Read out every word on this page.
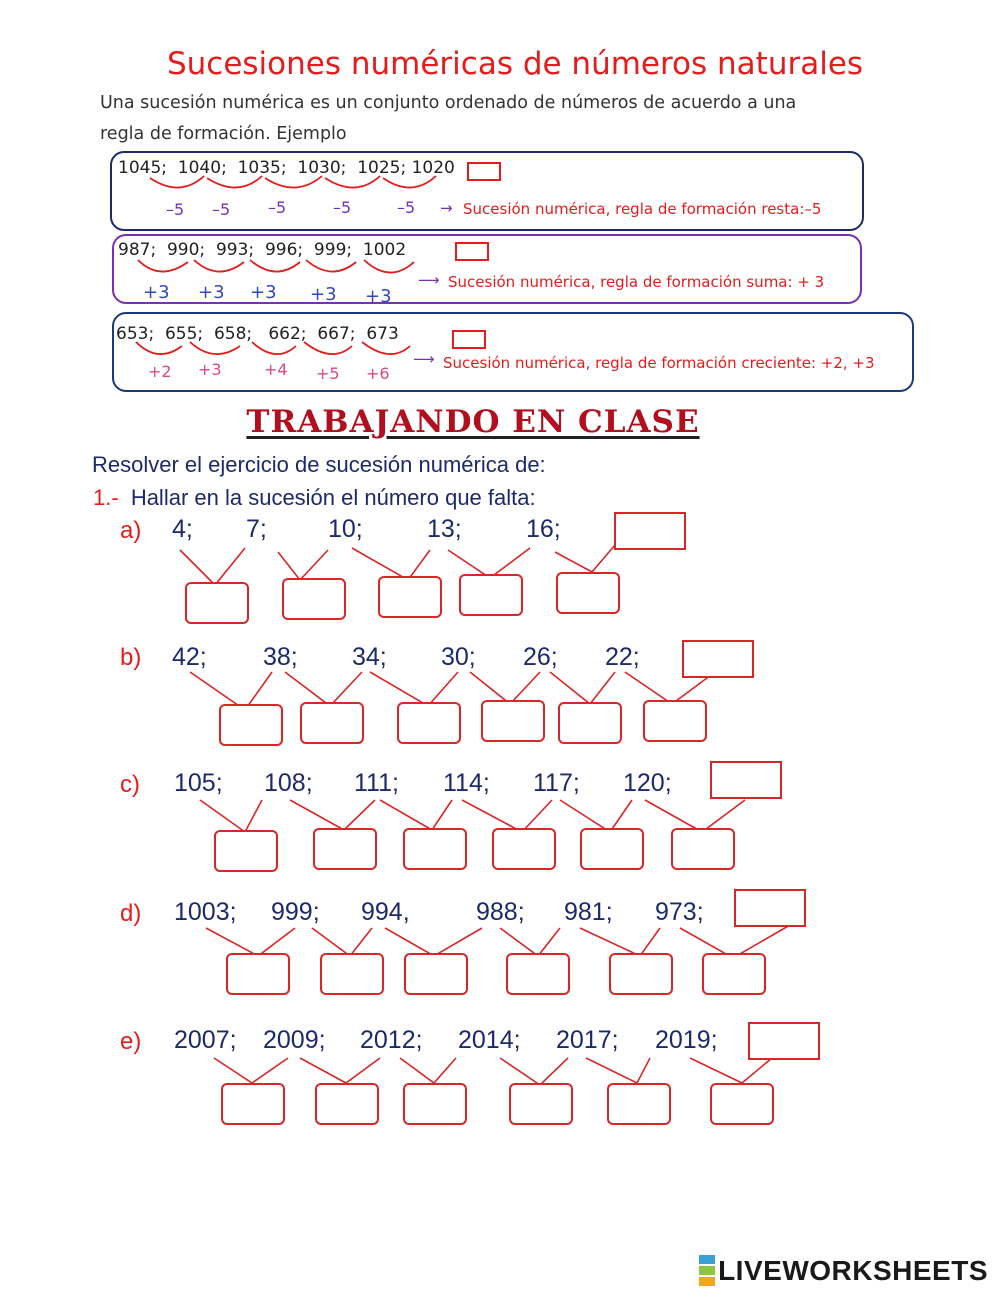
Sucesiones numéricas de números naturales
Una sucesión numérica es un conjunto ordenado de números de acuerdo a una regla de formación. Ejemplo
1045;  1040;  1035;  1030;  1025; 1020
–5 –5 –5	–5	–5 → Sucesión numérica, regla de formación resta:–5
987;  990;  993;  996;  999;  1002
+3 +3 +3 +3 +3
⟶ Sucesión numérica, regla de formación suma: + 3
653;  655;  658;   662;  667;  673
+2 +3	+4 +5 +6
⟶ Sucesión numérica, regla de formación creciente: +2, +3
TRABAJANDO EN CLASE
Resolver el ejercicio de sucesión numérica de:
1.- Hallar en la sucesión el número que falta:
a) 4; 7; 10;	13;	16;
b) 42; 38; 34; 30; 26; 22;
c) 105; 108; 111; 114; 117; 120;
d) 1003; 999; 994,	988; 981; 973;
e) 2007; 2009; 2012; 2014; 2017; 2019;
LIVEWORKSHEETS
